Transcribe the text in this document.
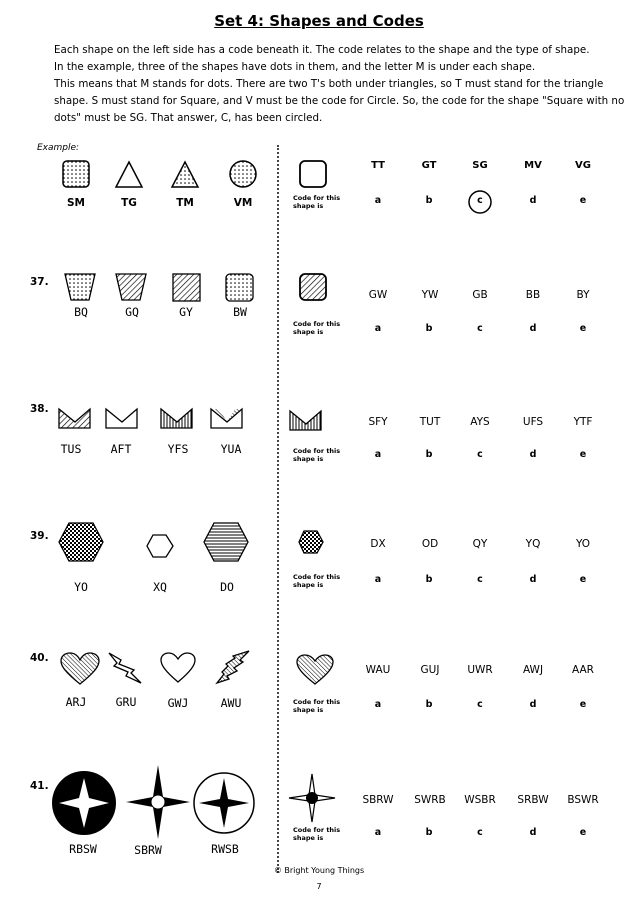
Set 4: Shapes and Codes
Each shape on the left side has a code beneath it. The code relates to the shape and the type of shape.
In the example, three of the shapes have dots in them, and the letter M is under each shape.
This means that M stands for dots. There are two T's both under triangles, so T must stand for the triangle
shape. S must stand for Square, and V must be the code for Circle. So, the code for the shape "Square with no
dots" must be SG. That answer, C, has been circled.
Example:
SM	TG	TM	VM	Code for this
shape is
TT	GT	SG	MV	VG
a	b	c	d	e
37.
BQ	GQ	GY	BW
Code for this
shape is
GW	YW	GB	BB	BY
a	b	c	d	e
38.
TUS	AFT	YFS	YUA	Code for this
shape is
SFY	TUT	AYS	UFS	YTF
a	b	c	d	e
39.
YO	XQ	DO
Code for this
shape is
DX	OD	QY	YQ	YO
a	b	c	d	e
40.
ARJ	GRU	GWJ	AWU	Code for this
shape is
WAU	GUJ	UWR	AWJ	AAR
a	b	c	d	e
41.
RBSW	SBRW	RWSB
Code for this
shape is
SBRW	SWRB	WSBR	SRBW	BSWR
a	b	c	d	e
© Bright Young Things
7
